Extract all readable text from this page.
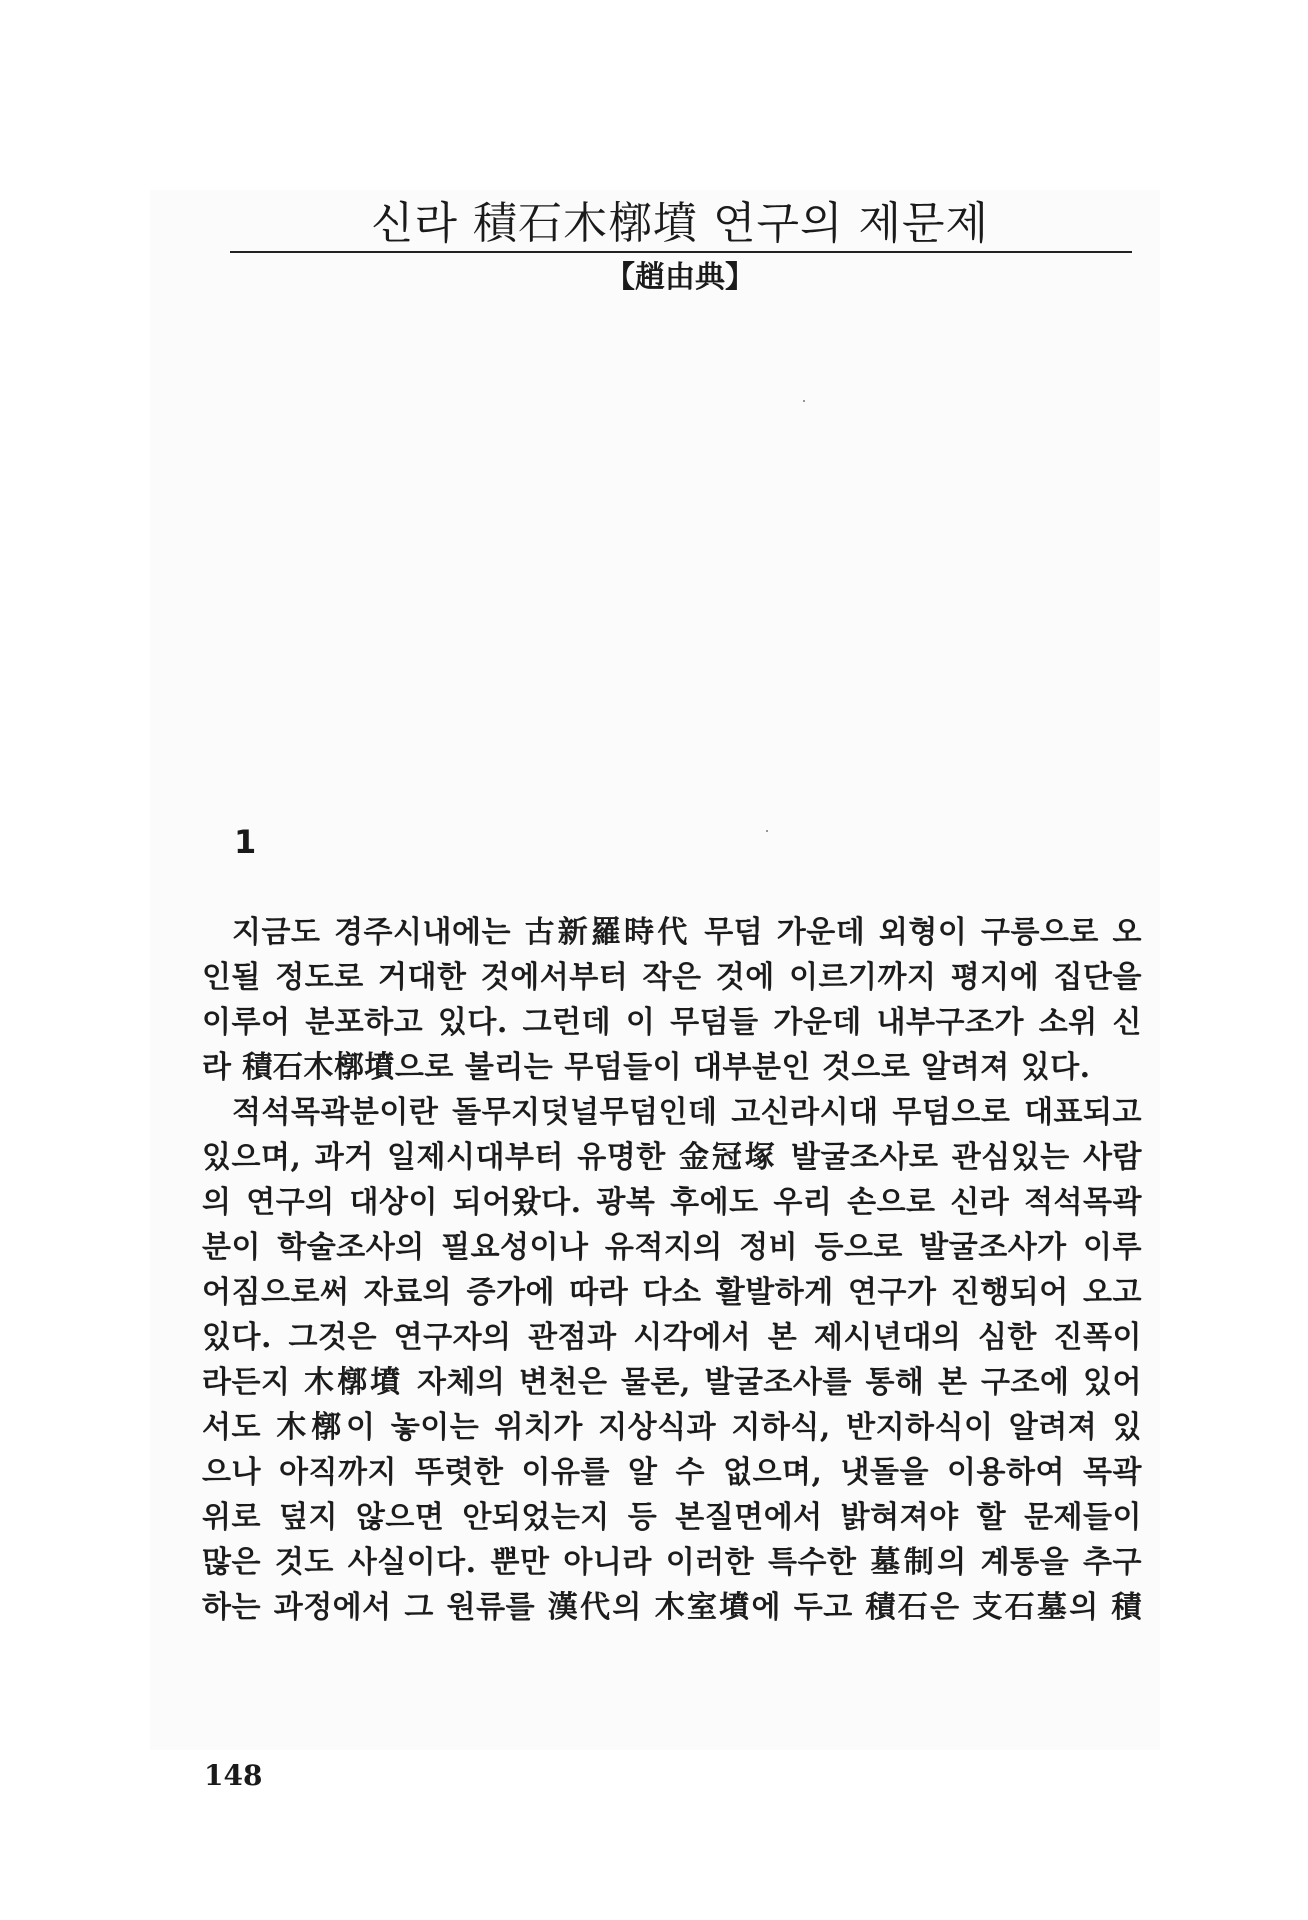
신라 積石木槨墳 연구의 제문제
【趙由典】
1
지금도 경주시내에는 古新羅時代 무덤 가운데 외형이 구릉으로 오
인될 정도로 거대한 것에서부터 작은 것에 이르기까지 평지에 집단을
이루어 분포하고 있다. 그런데 이 무덤들 가운데 내부구조가 소위 신
라 積石木槨墳으로 불리는 무덤들이 대부분인 것으로 알려져 있다.
적석목곽분이란 돌무지덧널무덤인데 고신라시대 무덤으로 대표되고
있으며, 과거 일제시대부터 유명한 金冠塚 발굴조사로 관심있는 사람
의 연구의 대상이 되어왔다. 광복 후에도 우리 손으로 신라 적석목곽
분이 학술조사의 필요성이나 유적지의 정비 등으로 발굴조사가 이루
어짐으로써 자료의 증가에 따라 다소 활발하게 연구가 진행되어 오고
있다. 그것은 연구자의 관점과 시각에서 본 제시년대의 심한 진폭이
라든지 木槨墳 자체의 변천은 물론, 발굴조사를 통해 본 구조에 있어
서도 木槨이 놓이는 위치가 지상식과 지하식, 반지하식이 알려져 있
으나 아직까지 뚜렷한 이유를 알 수 없으며, 냇돌을 이용하여 목곽
위로 덮지 않으면 안되었는지 등 본질면에서 밝혀져야 할 문제들이
많은 것도 사실이다. 뿐만 아니라 이러한 특수한 墓制의 계통을 추구
하는 과정에서 그 원류를 漢代의 木室墳에 두고 積石은 支石墓의 積
148
